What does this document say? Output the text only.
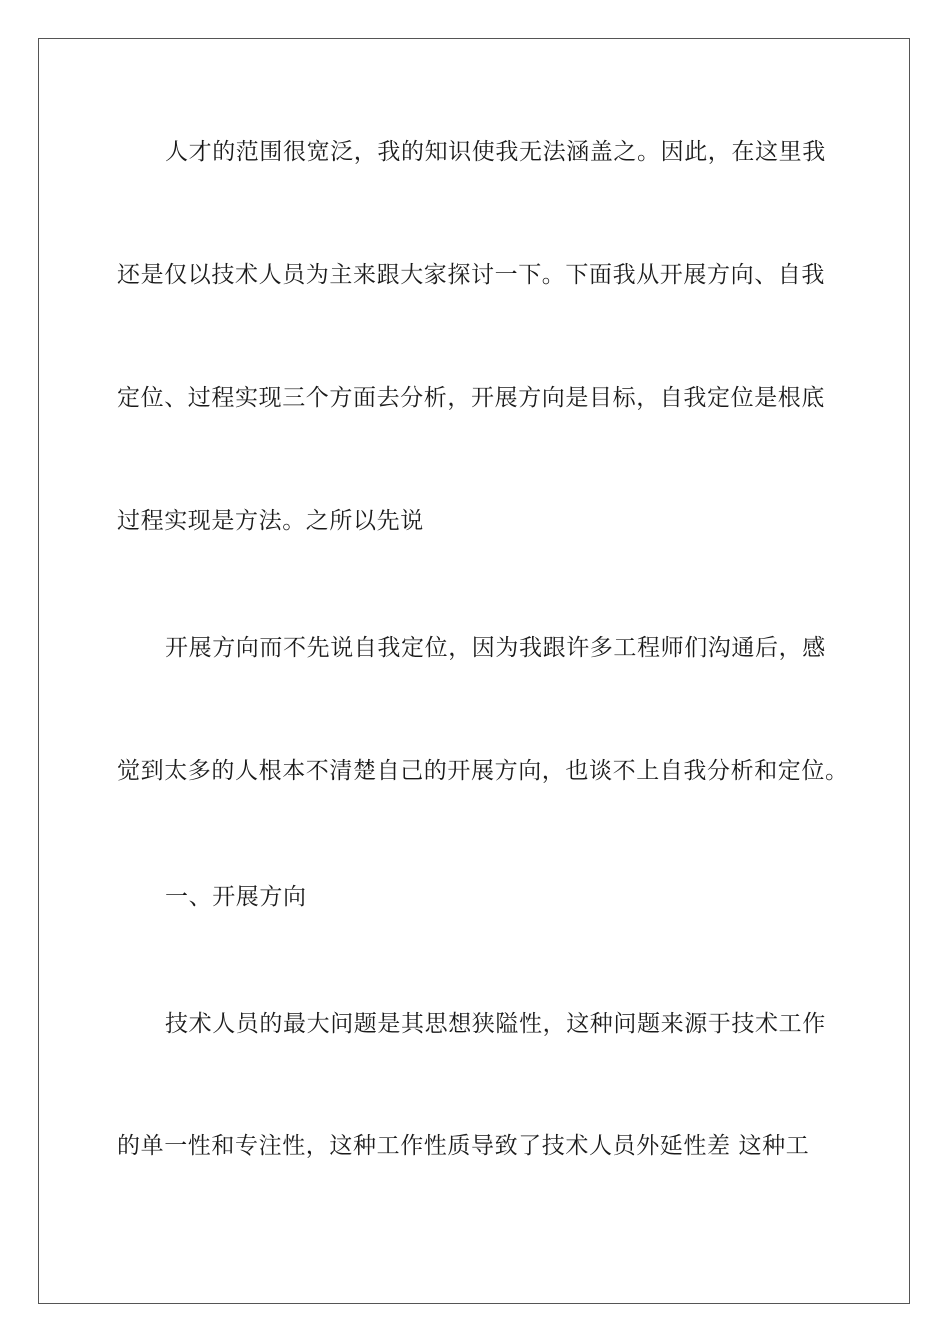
人才的范围很宽泛，我的知识使我无法涵盖之。因此，在这里我
还是仅以技术人员为主来跟大家探讨一下。下面我从开展方向、自我
定位、过程实现三个方面去分析，开展方向是目标，自我定位是根底
过程实现是方法。之所以先说
开展方向而不先说自我定位，因为我跟许多工程师们沟通后，感
觉到太多的人根本不清楚自己的开展方向，也谈不上自我分析和定位。
一、开展方向
技术人员的最大问题是其思想狭隘性，这种问题来源于技术工作
的单一性和专注性，这种工作性质导致了技术人员外延性差 这种工
